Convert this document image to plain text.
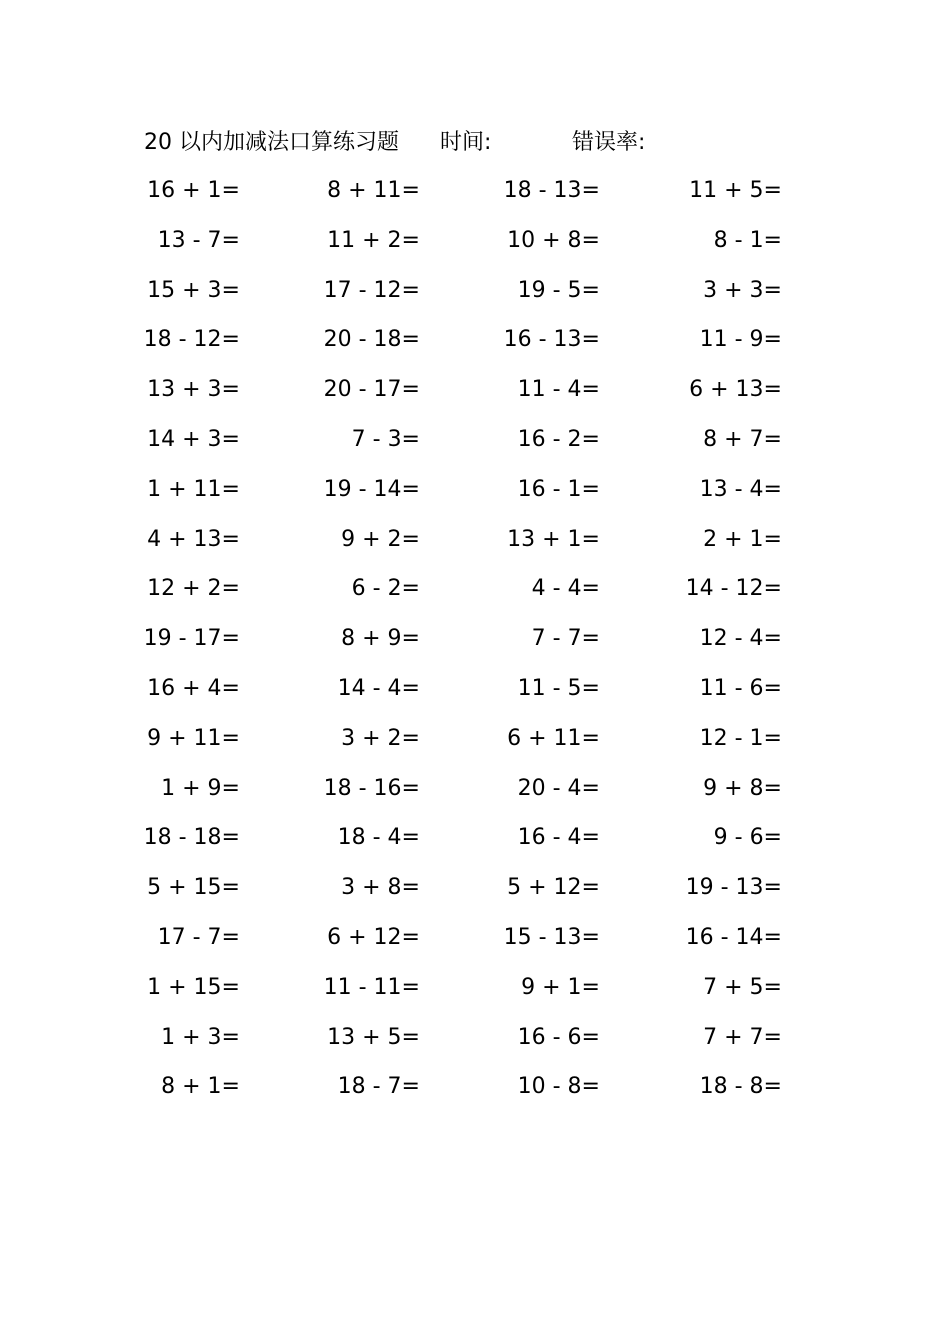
20 以内加减法口算练习题 时间:	错误率:
16 + 1=	8 + 11=	18 - 13=	11 + 5=
13 - 7=	11 + 2=	10 + 8=	8 - 1=
15 + 3=	17 - 12=	19 - 5=	3 + 3=
18 - 12=	20 - 18=	16 - 13=	11 - 9=
13 + 3=	20 - 17=	11 - 4=	6 + 13=
14 + 3=	7 - 3=	16 - 2=	8 + 7=
1 + 11=	19 - 14=	16 - 1=	13 - 4=
4 + 13=	9 + 2=	13 + 1=	2 + 1=
12 + 2=	6 - 2=	4 - 4=	14 - 12=
19 - 17=	8 + 9=	7 - 7=	12 - 4=
16 + 4=	14 - 4=	11 - 5=	11 - 6=
9 + 11=	3 + 2=	6 + 11=	12 - 1=
1 + 9=	18 - 16=	20 - 4=	9 + 8=
18 - 18=	18 - 4=	16 - 4=	9 - 6=
5 + 15=	3 + 8=	5 + 12=	19 - 13=
17 - 7=	6 + 12=	15 - 13=	16 - 14=
1 + 15=	11 - 11=	9 + 1=	7 + 5=
1 + 3=	13 + 5=	16 - 6=	7 + 7=
8 + 1=	18 - 7=	10 - 8=	18 - 8=
